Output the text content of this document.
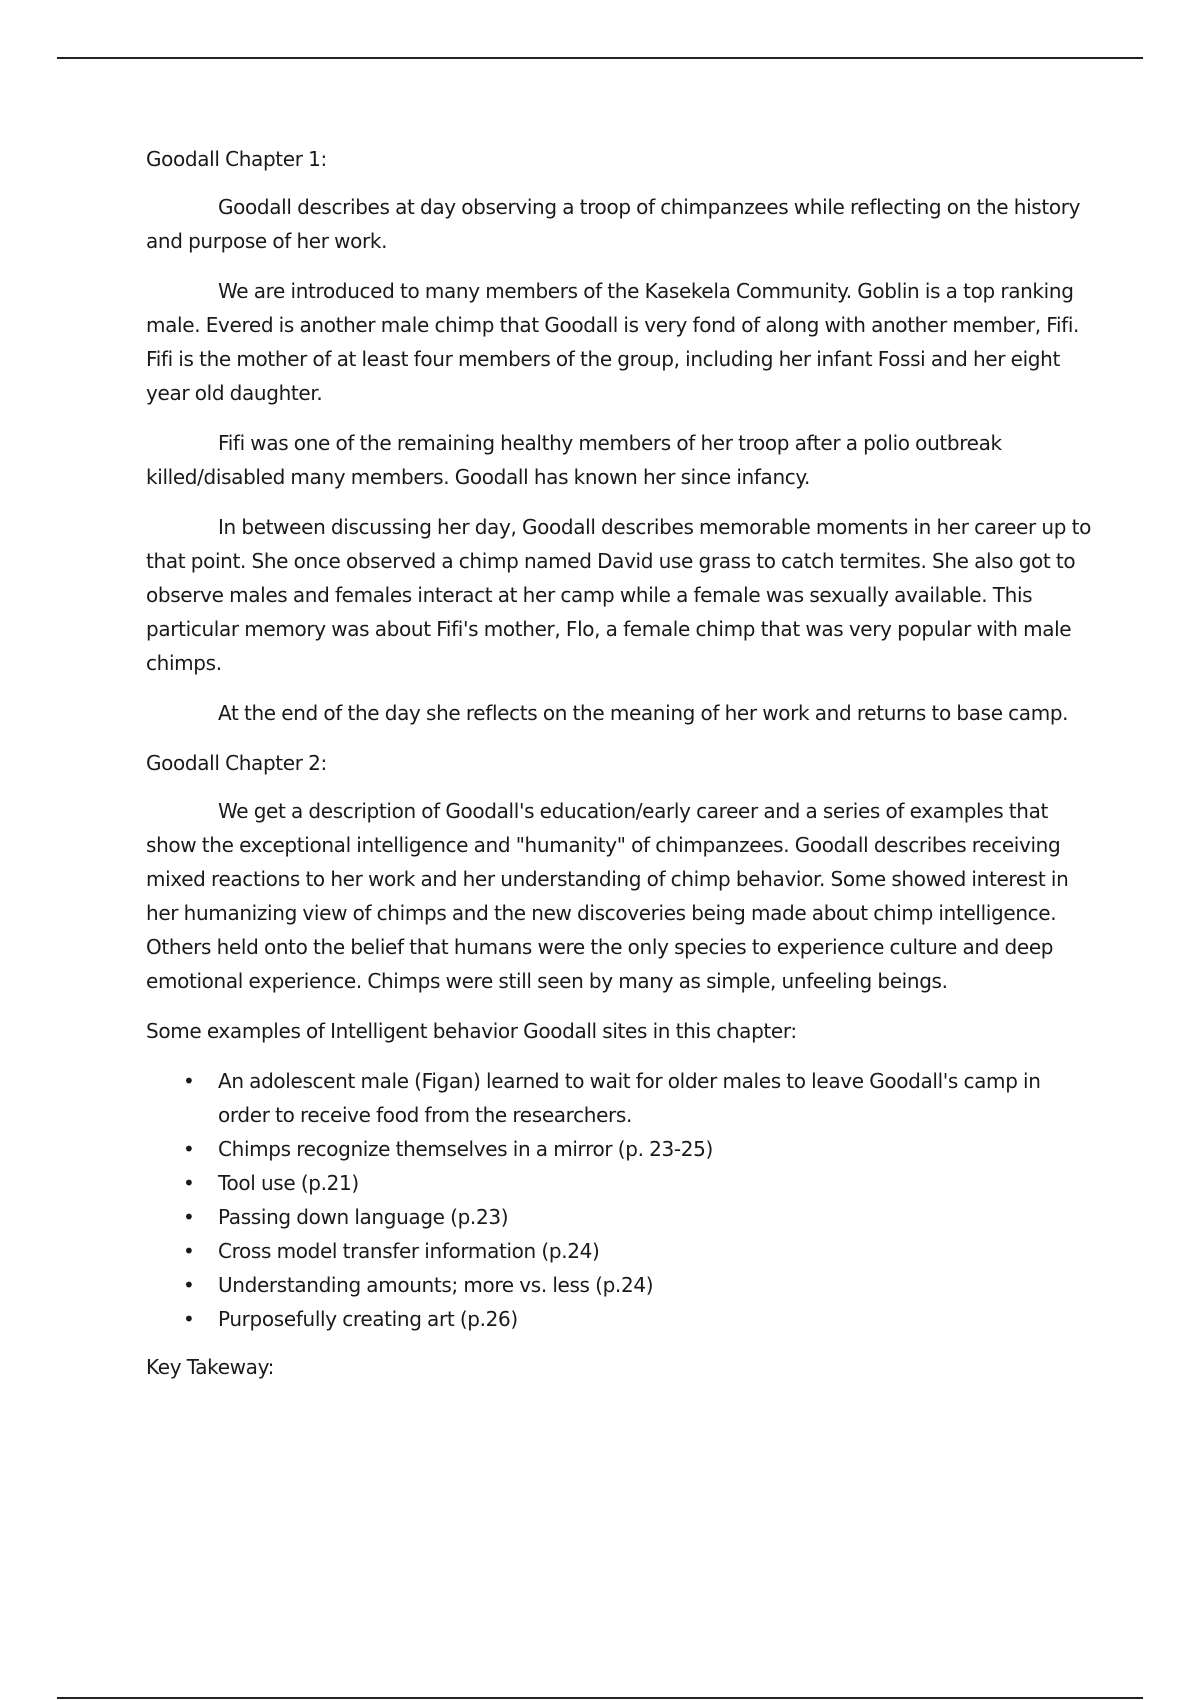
Goodall Chapter 1:

Goodall describes at day observing a troop of chimpanzees while reflecting on the history and purpose of her work.

We are introduced to many members of the Kasekela Community. Goblin is a top ranking male. Evered is another male chimp that Goodall is very fond of along with another member, Fifi. Fifi is the mother of at least four members of the group, including her infant Fossi and her eight year old daughter.

Fifi was one of the remaining healthy members of her troop after a polio outbreak killed/disabled many members. Goodall has known her since infancy.

In between discussing her day, Goodall describes memorable moments in her career up to that point. She once observed a chimp named David use grass to catch termites. She also got to observe males and females interact at her camp while a female was sexually available. This particular memory was about Fifi's mother, Flo, a female chimp that was very popular with male chimps.

At the end of the day she reflects on the meaning of her work and returns to base camp.

Goodall Chapter 2:

We get a description of Goodall's education/early career and a series of examples that show the exceptional intelligence and "humanity" of chimpanzees. Goodall describes receiving mixed reactions to her work and her understanding of chimp behavior. Some showed interest in her humanizing view of chimps and the new discoveries being made about chimp intelligence. Others held onto the belief that humans were the only species to experience culture and deep emotional experience. Chimps were still seen by many as simple, unfeeling beings.

Some examples of Intelligent behavior Goodall sites in this chapter:

• An adolescent male (Figan) learned to wait for older males to leave Goodall's camp in order to receive food from the researchers.
• Chimps recognize themselves in a mirror (p. 23-25)
• Tool use (p.21)
• Passing down language (p.23)
• Cross model transfer information (p.24)
• Understanding amounts; more vs. less (p.24)
• Purposefully creating art (p.26)

Key Takeway:
